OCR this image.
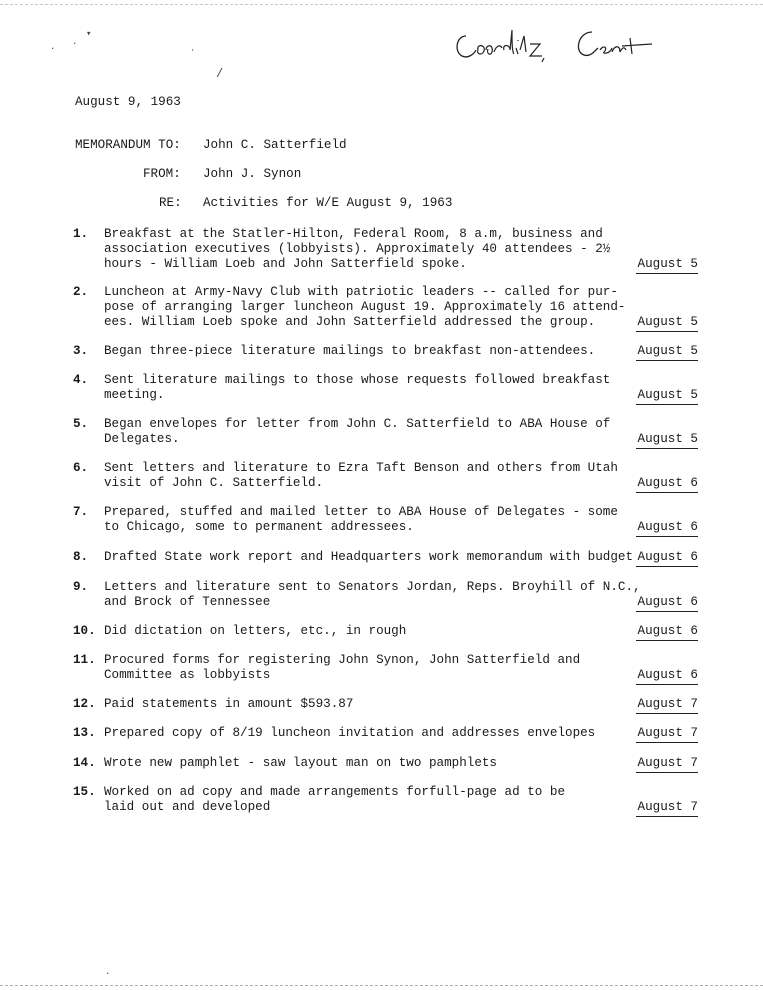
▾
· ·
ʼ
/
August 9, 1963
MEMORANDUM TO: John C. Satterfield
FROM: John J. Synon
RE: Activities for W/E August 9, 1963
1.	Breakfast at the Statler-Hilton, Federal Room, 8 a.m, business and
association executives (lobbyists). Approximately 40 attendees - 2½
hours - William Loeb and John Satterfield spoke.	August 5
2.	Luncheon at Army-Navy Club with patriotic leaders -- called for pur-
pose of arranging larger luncheon August 19. Approximately 16 attend-
ees. William Loeb spoke and John Satterfield addressed the group.	August 5
3.	Began three-piece literature mailings to breakfast non-attendees.	August 5
4.	Sent literature mailings to those whose requests followed breakfast
meeting.	August 5
5.	Began envelopes for letter from John C. Satterfield to ABA House of
Delegates.	August 5
6.	Sent letters and literature to Ezra Taft Benson and others from Utah
visit of John C. Satterfield.	August 6
7.	Prepared, stuffed and mailed letter to ABA House of Delegates - some
to Chicago, some to permanent addressees.	August 6
8.	Drafted State work report and Headquarters work memorandum with budget August 6
9.	Letters and literature sent to Senators Jordan, Reps. Broyhill of N.C.,
and Brock of Tennessee	August 6
10. Did dictation on letters, etc., in rough	August 6
11. Procured forms for registering John Synon, John Satterfield and
Committee as lobbyists	August 6
12. Paid statements in amount $593.87	August 7
13. Prepared copy of 8/19 luncheon invitation and addresses envelopes	August 7
14. Wrote new pamphlet - saw layout man on two pamphlets	August 7
15. Worked on ad copy and made arrangements forfull-page ad to be
laid out and developed	August 7
·
